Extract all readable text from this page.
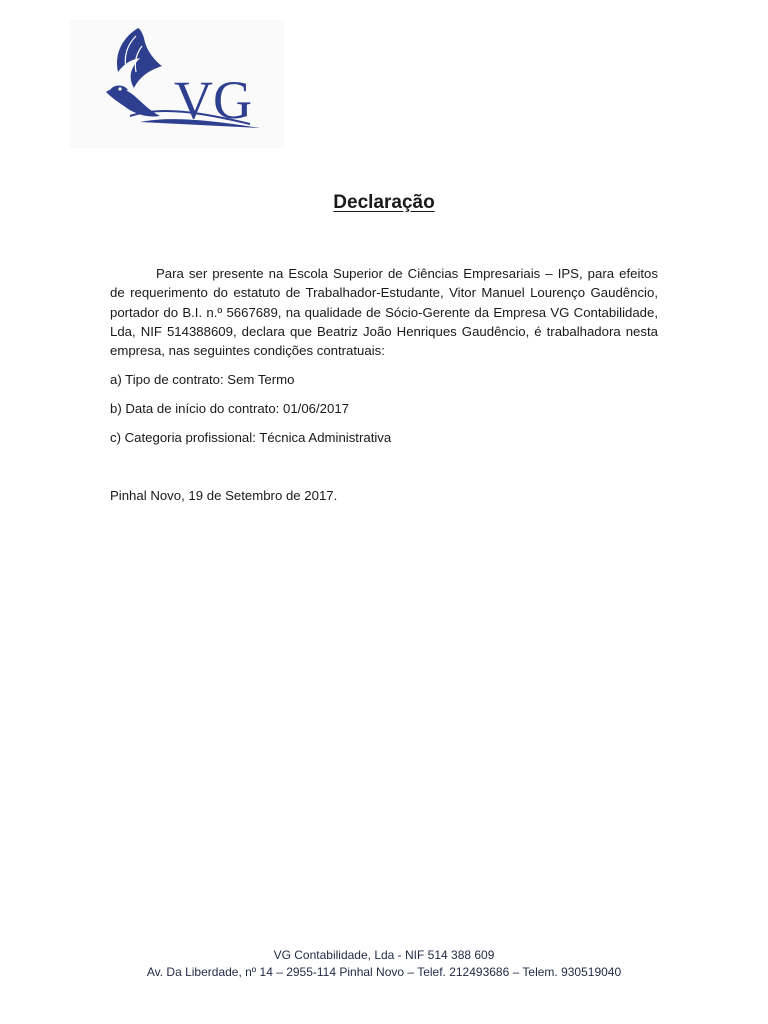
VG
Declaração

Para ser presente na Escola Superior de Ciências Empresariais – IPS, para efeitos de requerimento do estatuto de Trabalhador-Estudante, Vitor Manuel Lourenço Gaudêncio, portador do B.I. n.º 5667689, na qualidade de Sócio-Gerente da Empresa VG Contabilidade, Lda, NIF 514388609, declara que Beatriz João Henriques Gaudêncio, é trabalhadora nesta empresa, nas seguintes condições contratuais:

a) Tipo de contrato: Sem Termo
b) Data de início do contrato: 01/06/2017
c) Categoria profissional: Técnica Administrativa
Pinhal Novo, 19 de Setembro de 2017.
VG Contabilidade, Lda - NIF 514 388 609
Av. Da Liberdade, nº 14 – 2955-114 Pinhal Novo – Telef. 212493686 – Telem. 930519040
